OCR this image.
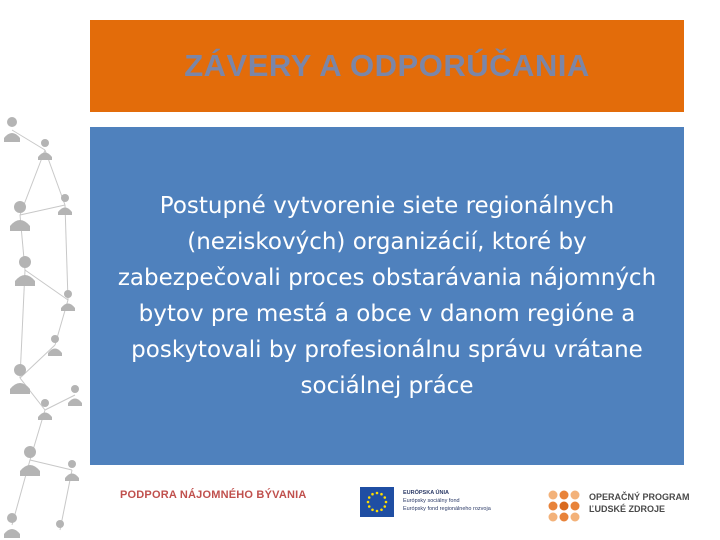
ZÁVERY A ODPORÚČANIA

Postupné vytvorenie siete regionálnych (neziskových) organizácií, ktoré by zabezpečovali proces obstarávania nájomných bytov pre mestá a obce v danom regióne a poskytovali by profesionálnu správu vrátane sociálnej práce

PODPORA NÁJOMNÉHO BÝVANIA	EURÓPSKA ÚNIA
Európsky sociálny fond
Európsky fond regionálneho rozvoja
OPERAČNÝ PROGRAM
ĽUDSKÉ ZDROJE
